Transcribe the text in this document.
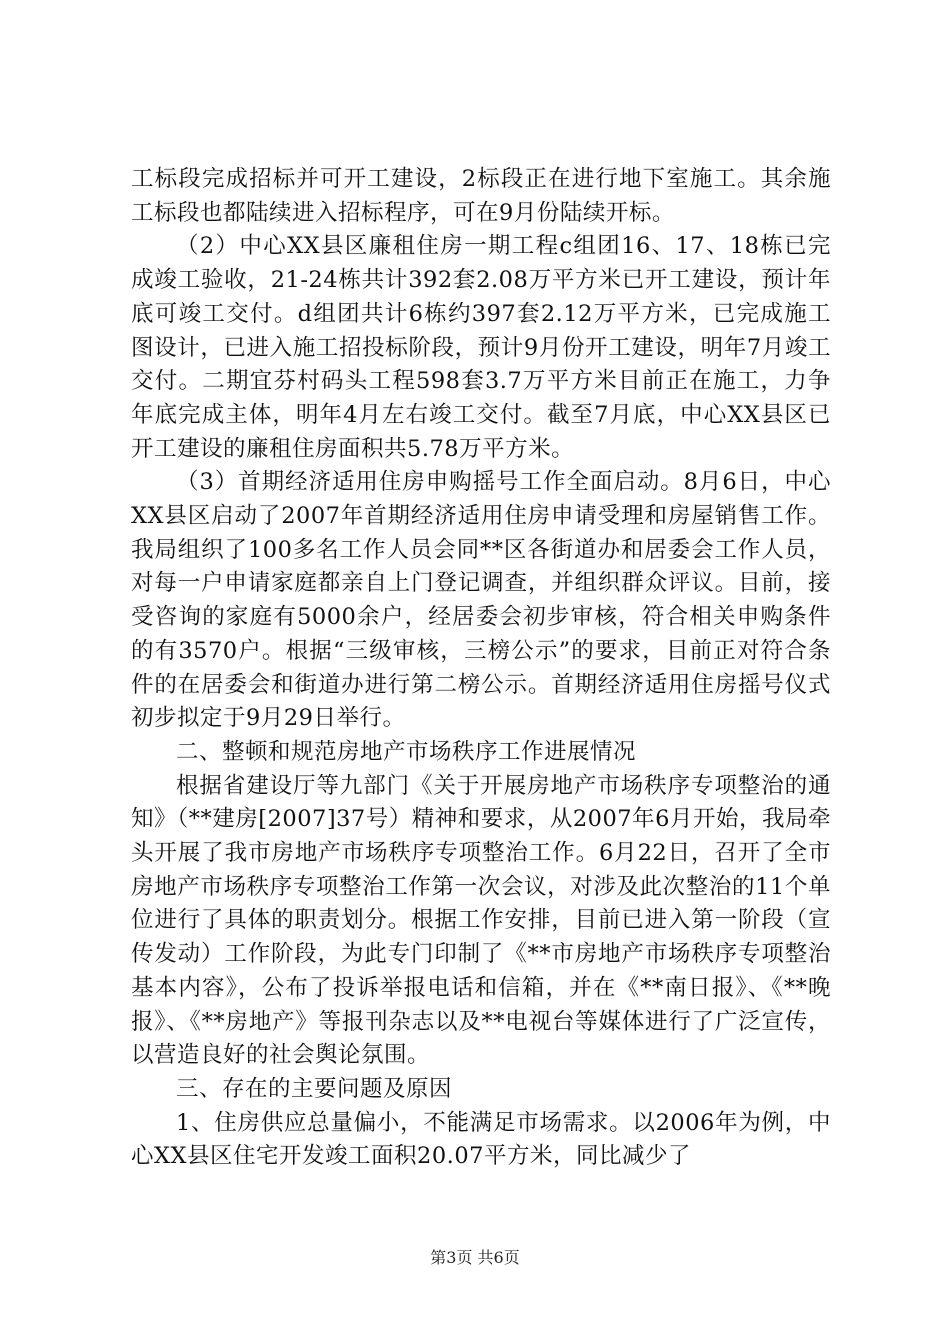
工标段完成招标并可开工建设，2标段正在进行地下室施工。其余施工标段也都陆续进入招标程序，可在9月份陆续开标。

（2）中心XX县区廉租住房一期工程c组团16、17、18栋已完成竣工验收，21-24栋共计392套2.08万平方米已开工建设，预计年底可竣工交付。d组团共计6栋约397套2.12万平方米，已完成施工图设计，已进入施工招投标阶段，预计9月份开工建设，明年7月竣工交付。二期宜芬村码头工程598套3.7万平方米目前正在施工，力争年底完成主体，明年4月左右竣工交付。截至7月底，中心XX县区已开工建设的廉租住房面积共5.78万平方米。

（3）首期经济适用住房申购摇号工作全面启动。8月6日，中心XX县区启动了2007年首期经济适用住房申请受理和房屋销售工作。我局组织了100多名工作人员会同**区各街道办和居委会工作人员，对每一户申请家庭都亲自上门登记调查，并组织群众评议。目前，接受咨询的家庭有5000余户，经居委会初步审核，符合相关申购条件的有3570户。根据“三级审核，三榜公示”的要求，目前正对符合条件的在居委会和街道办进行第二榜公示。首期经济适用住房摇号仪式初步拟定于9月29日举行。

二、整顿和规范房地产市场秩序工作进展情况

根据省建设厅等九部门《关于开展房地产市场秩序专项整治的通知》（**建房[2007]37号）精神和要求，从2007年6月开始，我局牵头开展了我市房地产市场秩序专项整治工作。6月22日，召开了全市房地产市场秩序专项整治工作第一次会议，对涉及此次整治的11个单位进行了具体的职责划分。根据工作安排，目前已进入第一阶段（宣传发动）工作阶段，为此专门印制了《**市房地产市场秩序专项整治基本内容》，公布了投诉举报电话和信箱，并在《**南日报》、《**晚报》、《**房地产》等报刊杂志以及**电视台等媒体进行了广泛宣传，以营造良好的社会舆论氛围。

三、存在的主要问题及原因

1、住房供应总量偏小，不能满足市场需求。以2006年为例，中心XX县区住宅开发竣工面积20.07平方米，同比减少了

第3页 共6页
